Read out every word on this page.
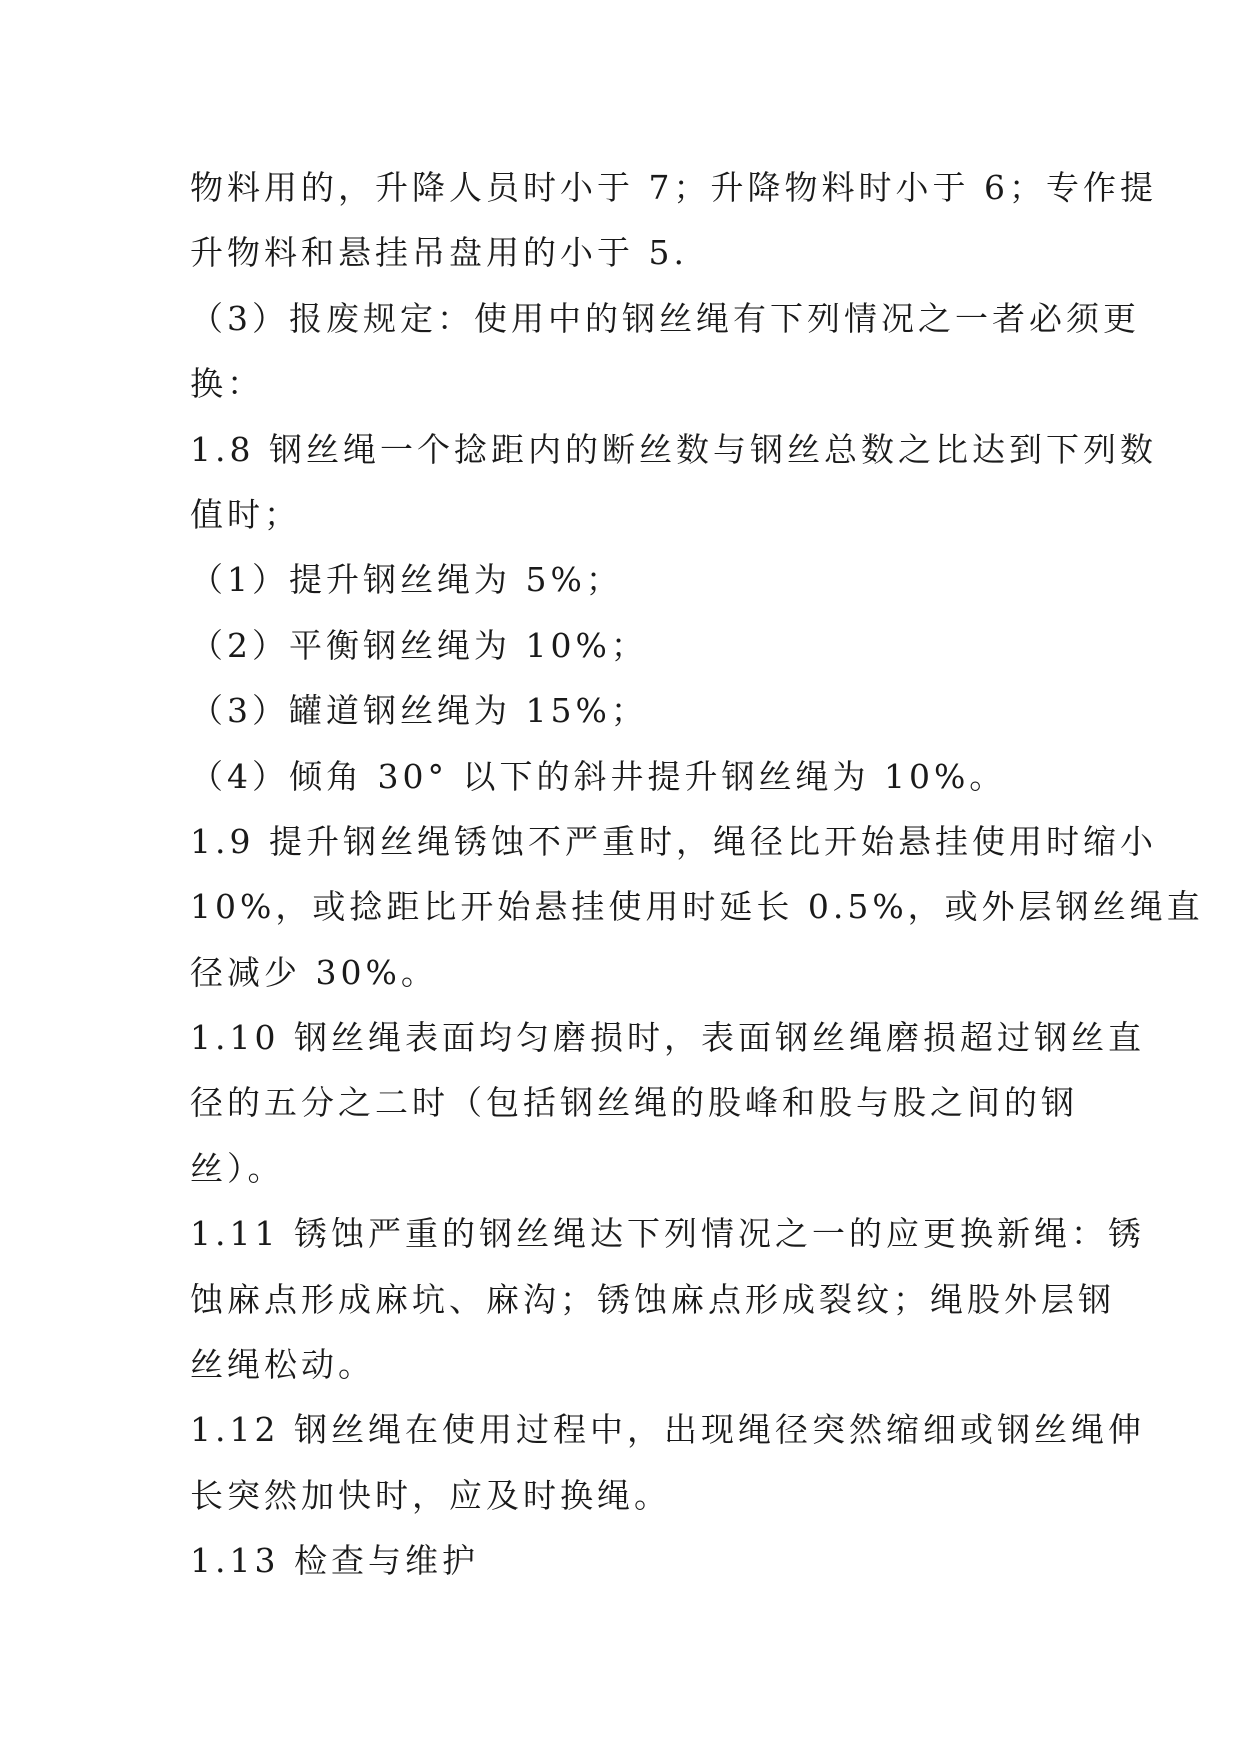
物料用的，升降人员时小于 7；升降物料时小于 6；专作提
升物料和悬挂吊盘用的小于 5.
（3）报废规定：使用中的钢丝绳有下列情况之一者必须更
换：
1.8 钢丝绳一个捻距内的断丝数与钢丝总数之比达到下列数
值时；
（1）提升钢丝绳为 5%；
（2）平衡钢丝绳为 10%；
（3）罐道钢丝绳为 15%；
（4）倾角 30° 以下的斜井提升钢丝绳为 10%。
1.9 提升钢丝绳锈蚀不严重时，绳径比开始悬挂使用时缩小
10%，或捻距比开始悬挂使用时延长 0.5%，或外层钢丝绳直
径减少 30%。
1.10 钢丝绳表面均匀磨损时，表面钢丝绳磨损超过钢丝直
径的五分之二时（包括钢丝绳的股峰和股与股之间的钢
丝）。
1.11 锈蚀严重的钢丝绳达下列情况之一的应更换新绳：锈
蚀麻点形成麻坑、麻沟；锈蚀麻点形成裂纹；绳股外层钢
丝绳松动。
1.12 钢丝绳在使用过程中，出现绳径突然缩细或钢丝绳伸
长突然加快时，应及时换绳。
1.13 检查与维护
